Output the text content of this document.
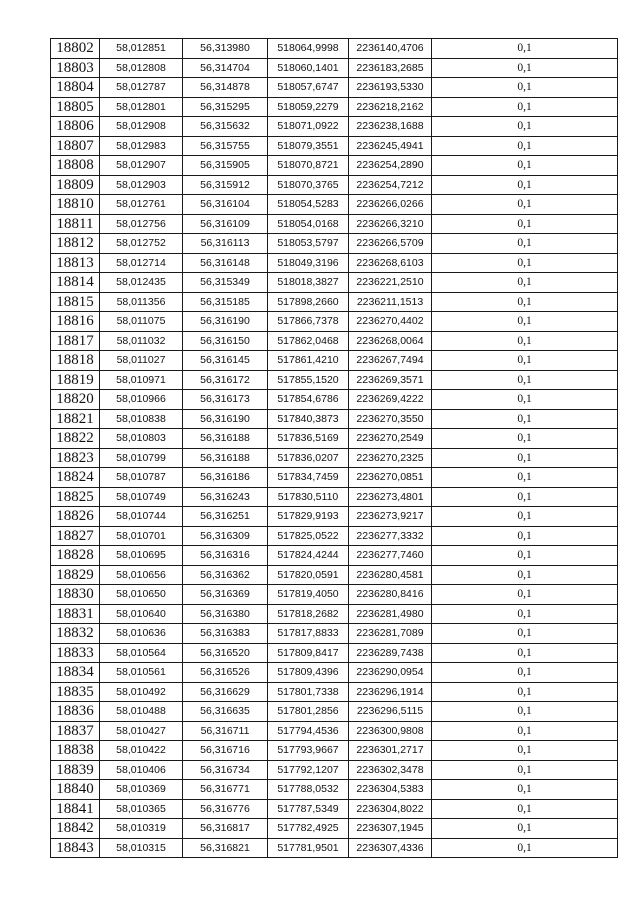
18802	58,012851	56,313980	518064,9998	2236140,4706	0,1
18803	58,012808	56,314704	518060,1401	2236183,2685	0,1
18804	58,012787	56,314878	518057,6747	2236193,5330	0,1
18805	58,012801	56,315295	518059,2279	2236218,2162	0,1
18806	58,012908	56,315632	518071,0922	2236238,1688	0,1
18807	58,012983	56,315755	518079,3551	2236245,4941	0,1
18808	58,012907	56,315905	518070,8721	2236254,2890	0,1
18809	58,012903	56,315912	518070,3765	2236254,7212	0,1
18810	58,012761	56,316104	518054,5283	2236266,0266	0,1
18811	58,012756	56,316109	518054,0168	2236266,3210	0,1
18812	58,012752	56,316113	518053,5797	2236266,5709	0,1
18813	58,012714	56,316148	518049,3196	2236268,6103	0,1
18814	58,012435	56,315349	518018,3827	2236221,2510	0,1
18815	58,011356	56,315185	517898,2660	2236211,1513	0,1
18816	58,011075	56,316190	517866,7378	2236270,4402	0,1
18817	58,011032	56,316150	517862,0468	2236268,0064	0,1
18818	58,011027	56,316145	517861,4210	2236267,7494	0,1
18819	58,010971	56,316172	517855,1520	2236269,3571	0,1
18820	58,010966	56,316173	517854,6786	2236269,4222	0,1
18821	58,010838	56,316190	517840,3873	2236270,3550	0,1
18822	58,010803	56,316188	517836,5169	2236270,2549	0,1
18823	58,010799	56,316188	517836,0207	2236270,2325	0,1
18824	58,010787	56,316186	517834,7459	2236270,0851	0,1
18825	58,010749	56,316243	517830,5110	2236273,4801	0,1
18826	58,010744	56,316251	517829,9193	2236273,9217	0,1
18827	58,010701	56,316309	517825,0522	2236277,3332	0,1
18828	58,010695	56,316316	517824,4244	2236277,7460	0,1
18829	58,010656	56,316362	517820,0591	2236280,4581	0,1
18830	58,010650	56,316369	517819,4050	2236280,8416	0,1
18831	58,010640	56,316380	517818,2682	2236281,4980	0,1
18832	58,010636	56,316383	517817,8833	2236281,7089	0,1
18833	58,010564	56,316520	517809,8417	2236289,7438	0,1
18834	58,010561	56,316526	517809,4396	2236290,0954	0,1
18835	58,010492	56,316629	517801,7338	2236296,1914	0,1
18836	58,010488	56,316635	517801,2856	2236296,5115	0,1
18837	58,010427	56,316711	517794,4536	2236300,9808	0,1
18838	58,010422	56,316716	517793,9667	2236301,2717	0,1
18839	58,010406	56,316734	517792,1207	2236302,3478	0,1
18840	58,010369	56,316771	517788,0532	2236304,5383	0,1
18841	58,010365	56,316776	517787,5349	2236304,8022	0,1
18842	58,010319	56,316817	517782,4925	2236307,1945	0,1
18843	58,010315	56,316821	517781,9501	2236307,4336	0,1
